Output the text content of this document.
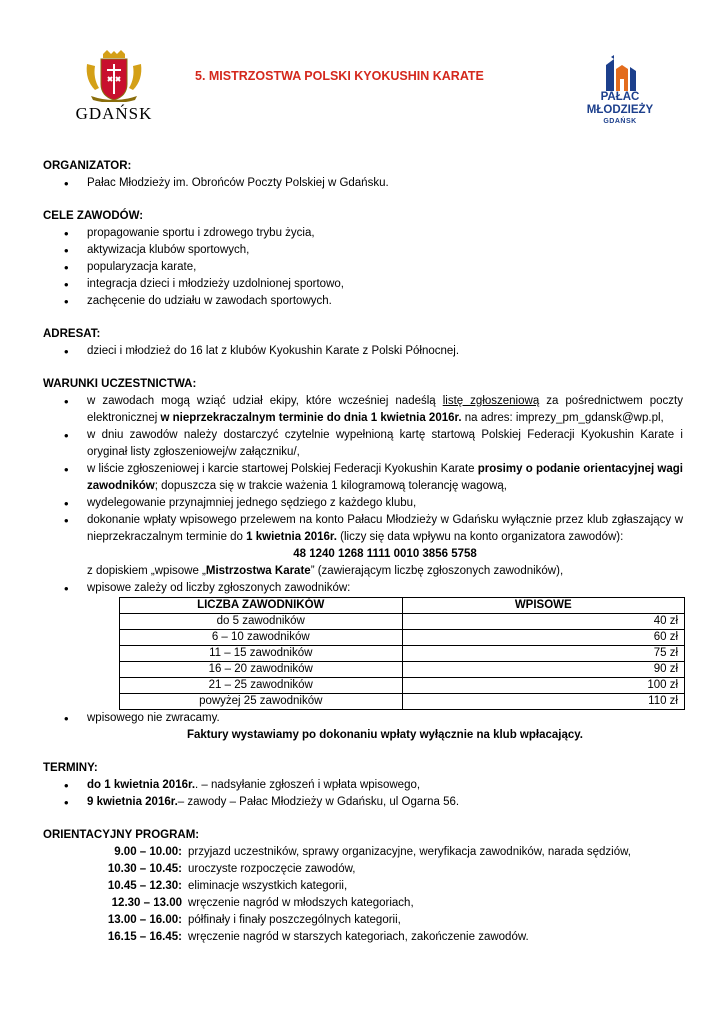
GDAŃSK
5. MISTRZOSTWA POLSKI KYOKUSHIN KARATE
PAŁAC
MŁODZIEŻY
GDAŃSK

ORGANIZATOR:

• Pałac Młodzieży im. Obrońców Poczty Polskiej w Gdańsku.

CELE ZAWODÓW:

• propagowanie sportu i zdrowego trybu życia,
• aktywizacja klubów sportowych,
• popularyzacja karate,
• integracja dzieci i młodzieży uzdolnionej sportowo,
• zachęcenie do udziału w zawodach sportowych.

ADRESAT:

• dzieci i młodzież do 16 lat z klubów Kyokushin Karate z Polski Północnej.

WARUNKI UCZESTNICTWA:

• w zawodach mogą wziąć udział ekipy, które wcześniej nadeślą listę zgłoszeniową za pośrednictwem poczty elektronicznej w nieprzekraczalnym terminie do dnia 1 kwietnia 2016r. na adres: imprezy_pm_gdansk@wp.pl,
• w dniu zawodów należy dostarczyć czytelnie wypełnioną kartę startową Polskiej Federacji Kyokushin Karate i oryginał listy zgłoszeniowej/w załączniku/,
• w liście zgłoszeniowej i karcie startowej Polskiej Federacji Kyokushin Karate prosimy o podanie orientacyjnej wagi zawodników; dopuszcza się w trakcie ważenia 1 kilogramową tolerancję wagową,
• wydelegowanie przynajmniej jednego sędziego z każdego klubu,
• dokonanie wpłaty wpisowego przelewem na konto Pałacu Młodzieży w Gdańsku wyłącznie przez klub zgłaszający w nieprzekraczalnym terminie do 1 kwietnia 2016r. (liczy się data wpływu na konto organizatora zawodów):
48 1240 1268 1111 0010 3856 5758
z dopiskiem „wpisowe „Mistrzostwa Karate” (zawierającym liczbę zgłoszonych zawodników),
• wpisowe zależy od liczby zgłoszonych zawodników:
LICZBA ZAWODNIKÓW	WPISOWE
do 5 zawodników	40 zł
6 – 10 zawodników	60 zł
11 – 15 zawodników	75 zł
16 – 20 zawodników	90 zł
21 – 25 zawodników	100 zł
powyżej 25 zawodników	110 zł
• wpisowego nie zwracamy.
Faktury wystawiamy po dokonaniu wpłaty wyłącznie na klub wpłacający.

TERMINY:

• do 1 kwietnia 2016r.. – nadsyłanie zgłoszeń i wpłata wpisowego,
• 9 kwietnia 2016r.– zawody – Pałac Młodzieży w Gdańsku, ul Ogarna 56.

ORIENTACYJNY PROGRAM:

9.00 – 10.00: przyjazd uczestników, sprawy organizacyjne, weryfikacja zawodników, narada sędziów,
10.30 – 10.45: uroczyste rozpoczęcie zawodów,
10.45 – 12.30: eliminacje wszystkich kategorii,
12.30 – 13.00 wręczenie nagród w młodszych kategoriach,
13.00 – 16.00: półfinały i finały poszczególnych kategorii,
16.15 – 16.45: wręczenie nagród w starszych kategoriach, zakończenie zawodów.
